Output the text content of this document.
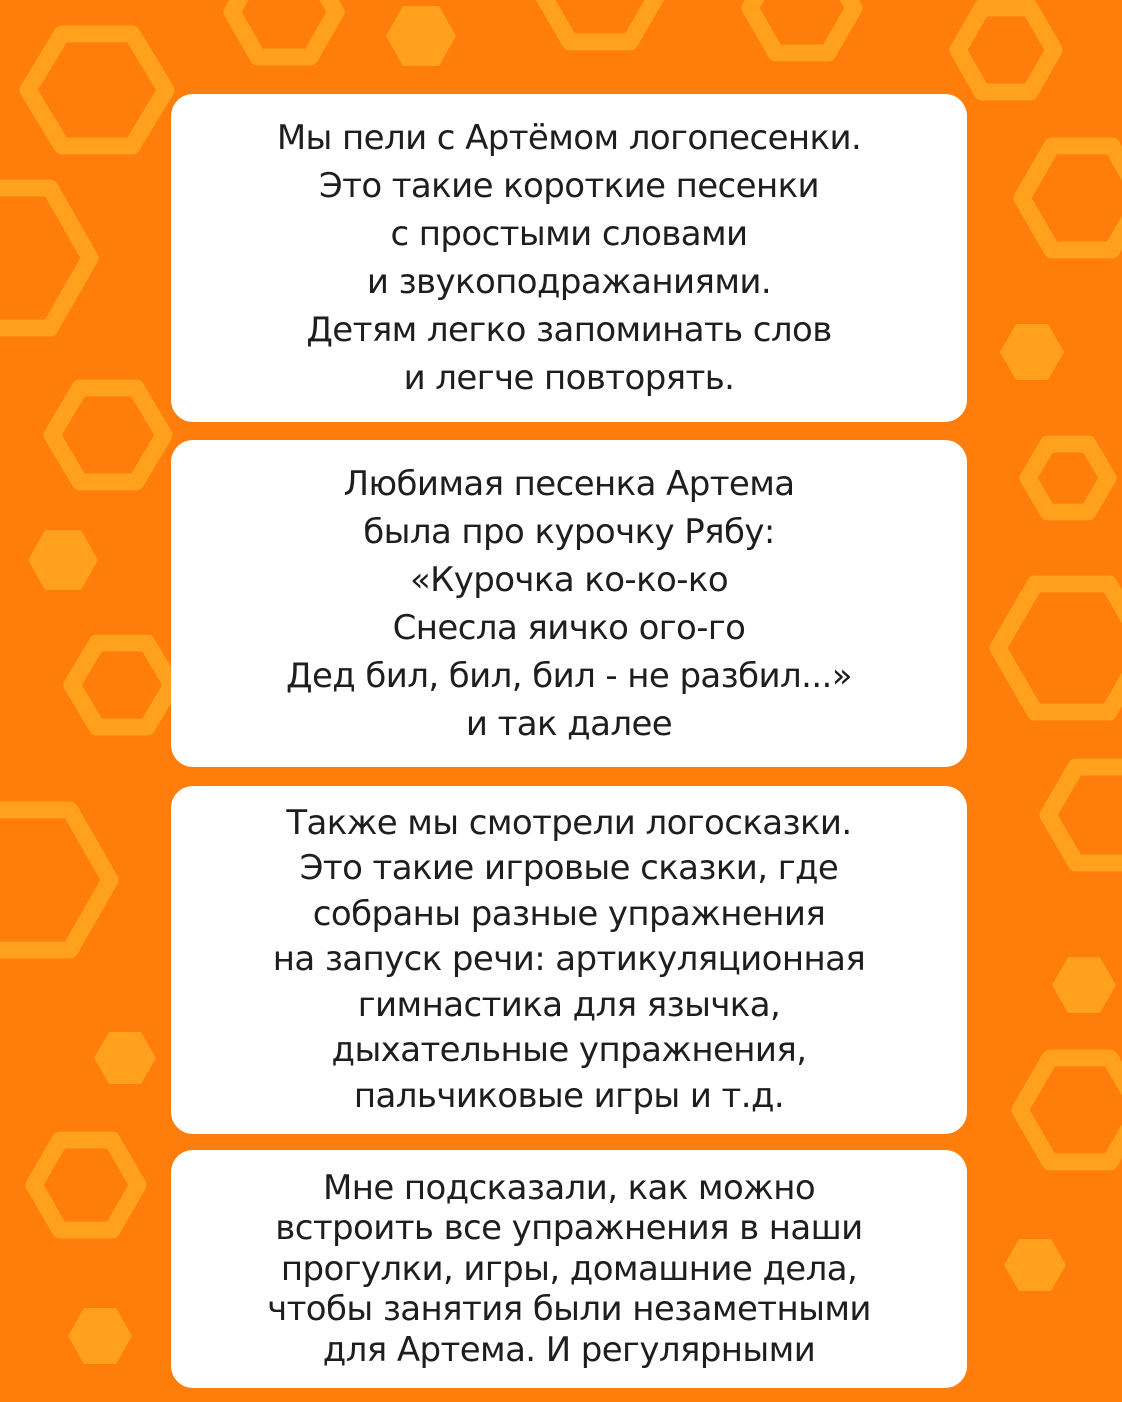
Мы пели с Артёмом логопесенки.
Это такие короткие песенки
с простыми словами
и звукоподражаниями.
Детям легко запоминать слов
и легче повторять.
Любимая песенка Артема
была про курочку Рябу:
«Курочка ко-ко-ко
Снесла яичко ого-го
Дед бил, бил, бил - не разбил...»
и так далее
Также мы смотрели логосказки.
Это такие игровые сказки, где
собраны разные упражнения
на запуск речи: артикуляционная
гимнастика для язычка,
дыхательные упражнения,
пальчиковые игры и т.д.
Мне подсказали, как можно
встроить все упражнения в наши
прогулки, игры, домашние дела,
чтобы занятия были незаметными
для Артема. И регулярными
